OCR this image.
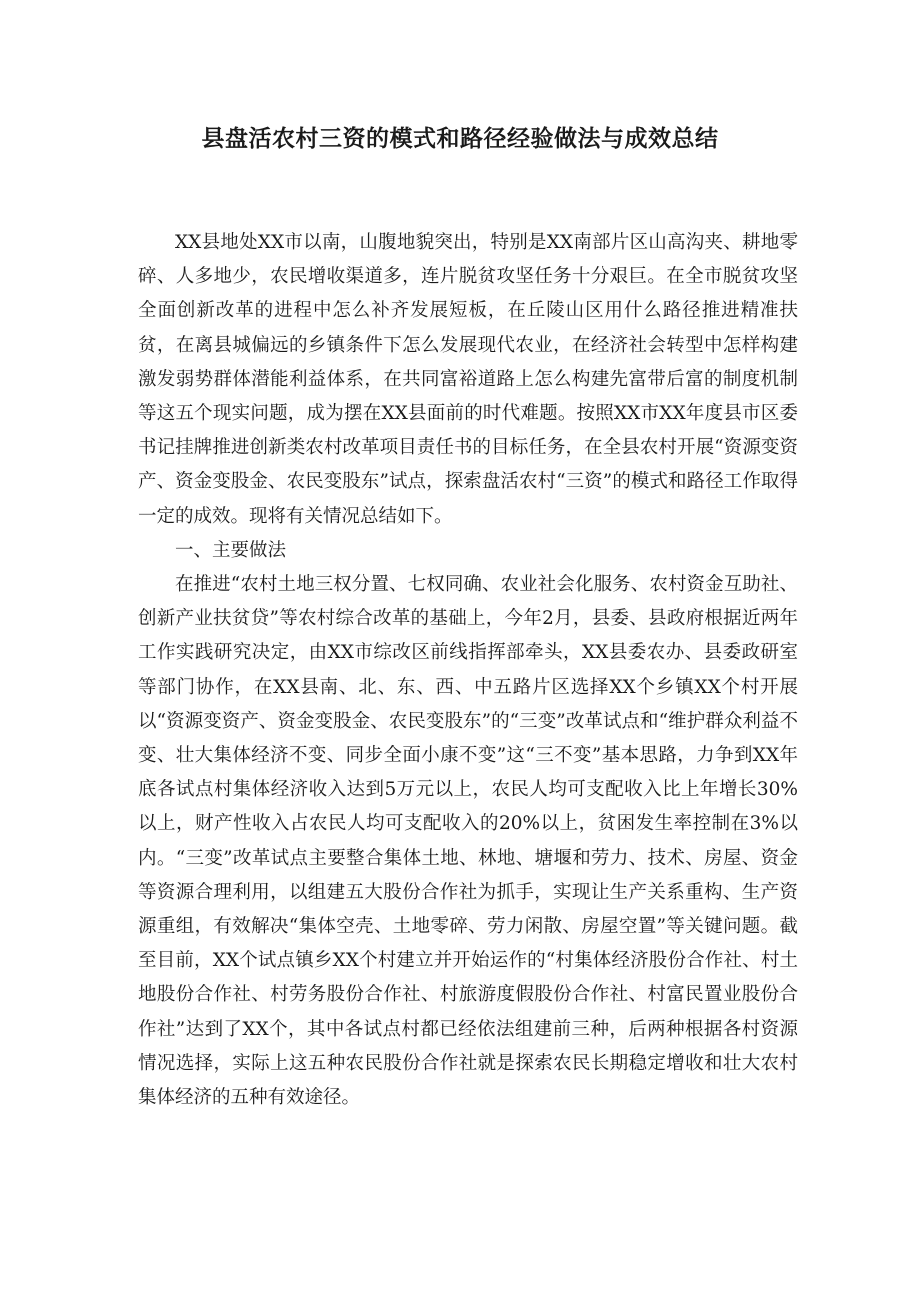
县盘活农村三资的模式和路径经验做法与成效总结

XX县地处XX市以南，山腹地貌突出，特别是XX南部片区山高沟夹、耕地零碎、人多地少，农民增收渠道多，连片脱贫攻坚任务十分艰巨。在全市脱贫攻坚全面创新改革的进程中怎么补齐发展短板，在丘陵山区用什么路径推进精准扶贫，在离县城偏远的乡镇条件下怎么发展现代农业，在经济社会转型中怎样构建激发弱势群体潜能利益体系，在共同富裕道路上怎么构建先富带后富的制度机制等这五个现实问题，成为摆在XX县面前的时代难题。按照XX市XX年度县市区委书记挂牌推进创新类农村改革项目责任书的目标任务，在全县农村开展“资源变资产、资金变股金、农民变股东”试点，探索盘活农村“三资”的模式和路径工作取得一定的成效。现将有关情况总结如下。

一、主要做法

在推进“农村土地三权分置、七权同确、农业社会化服务、农村资金互助社、创新产业扶贫贷”等农村综合改革的基础上，今年2月，县委、县政府根据近两年工作实践研究决定，由XX市综改区前线指挥部牵头，XX县委农办、县委政研室等部门协作，在XX县南、北、东、西、中五路片区选择XX个乡镇XX个村开展以“资源变资产、资金变股金、农民变股东”的“三变”改革试点和“维护群众利益不变、壮大集体经济不变、同步全面小康不变”这“三不变”基本思路，力争到XX年底各试点村集体经济收入达到5万元以上，农民人均可支配收入比上年增长30%以上，财产性收入占农民人均可支配收入的20%以上，贫困发生率控制在3%以内。“三变”改革试点主要整合集体土地、林地、塘堰和劳力、技术、房屋、资金等资源合理利用，以组建五大股份合作社为抓手，实现让生产关系重构、生产资源重组，有效解决“集体空壳、土地零碎、劳力闲散、房屋空置”等关键问题。截至目前，XX个试点镇乡XX个村建立并开始运作的“村集体经济股份合作社、村土地股份合作社、村劳务股份合作社、村旅游度假股份合作社、村富民置业股份合作社”达到了XX个，其中各试点村都已经依法组建前三种，后两种根据各村资源情况选择，实际上这五种农民股份合作社就是探索农民长期稳定增收和壮大农村集体经济的五种有效途径。
